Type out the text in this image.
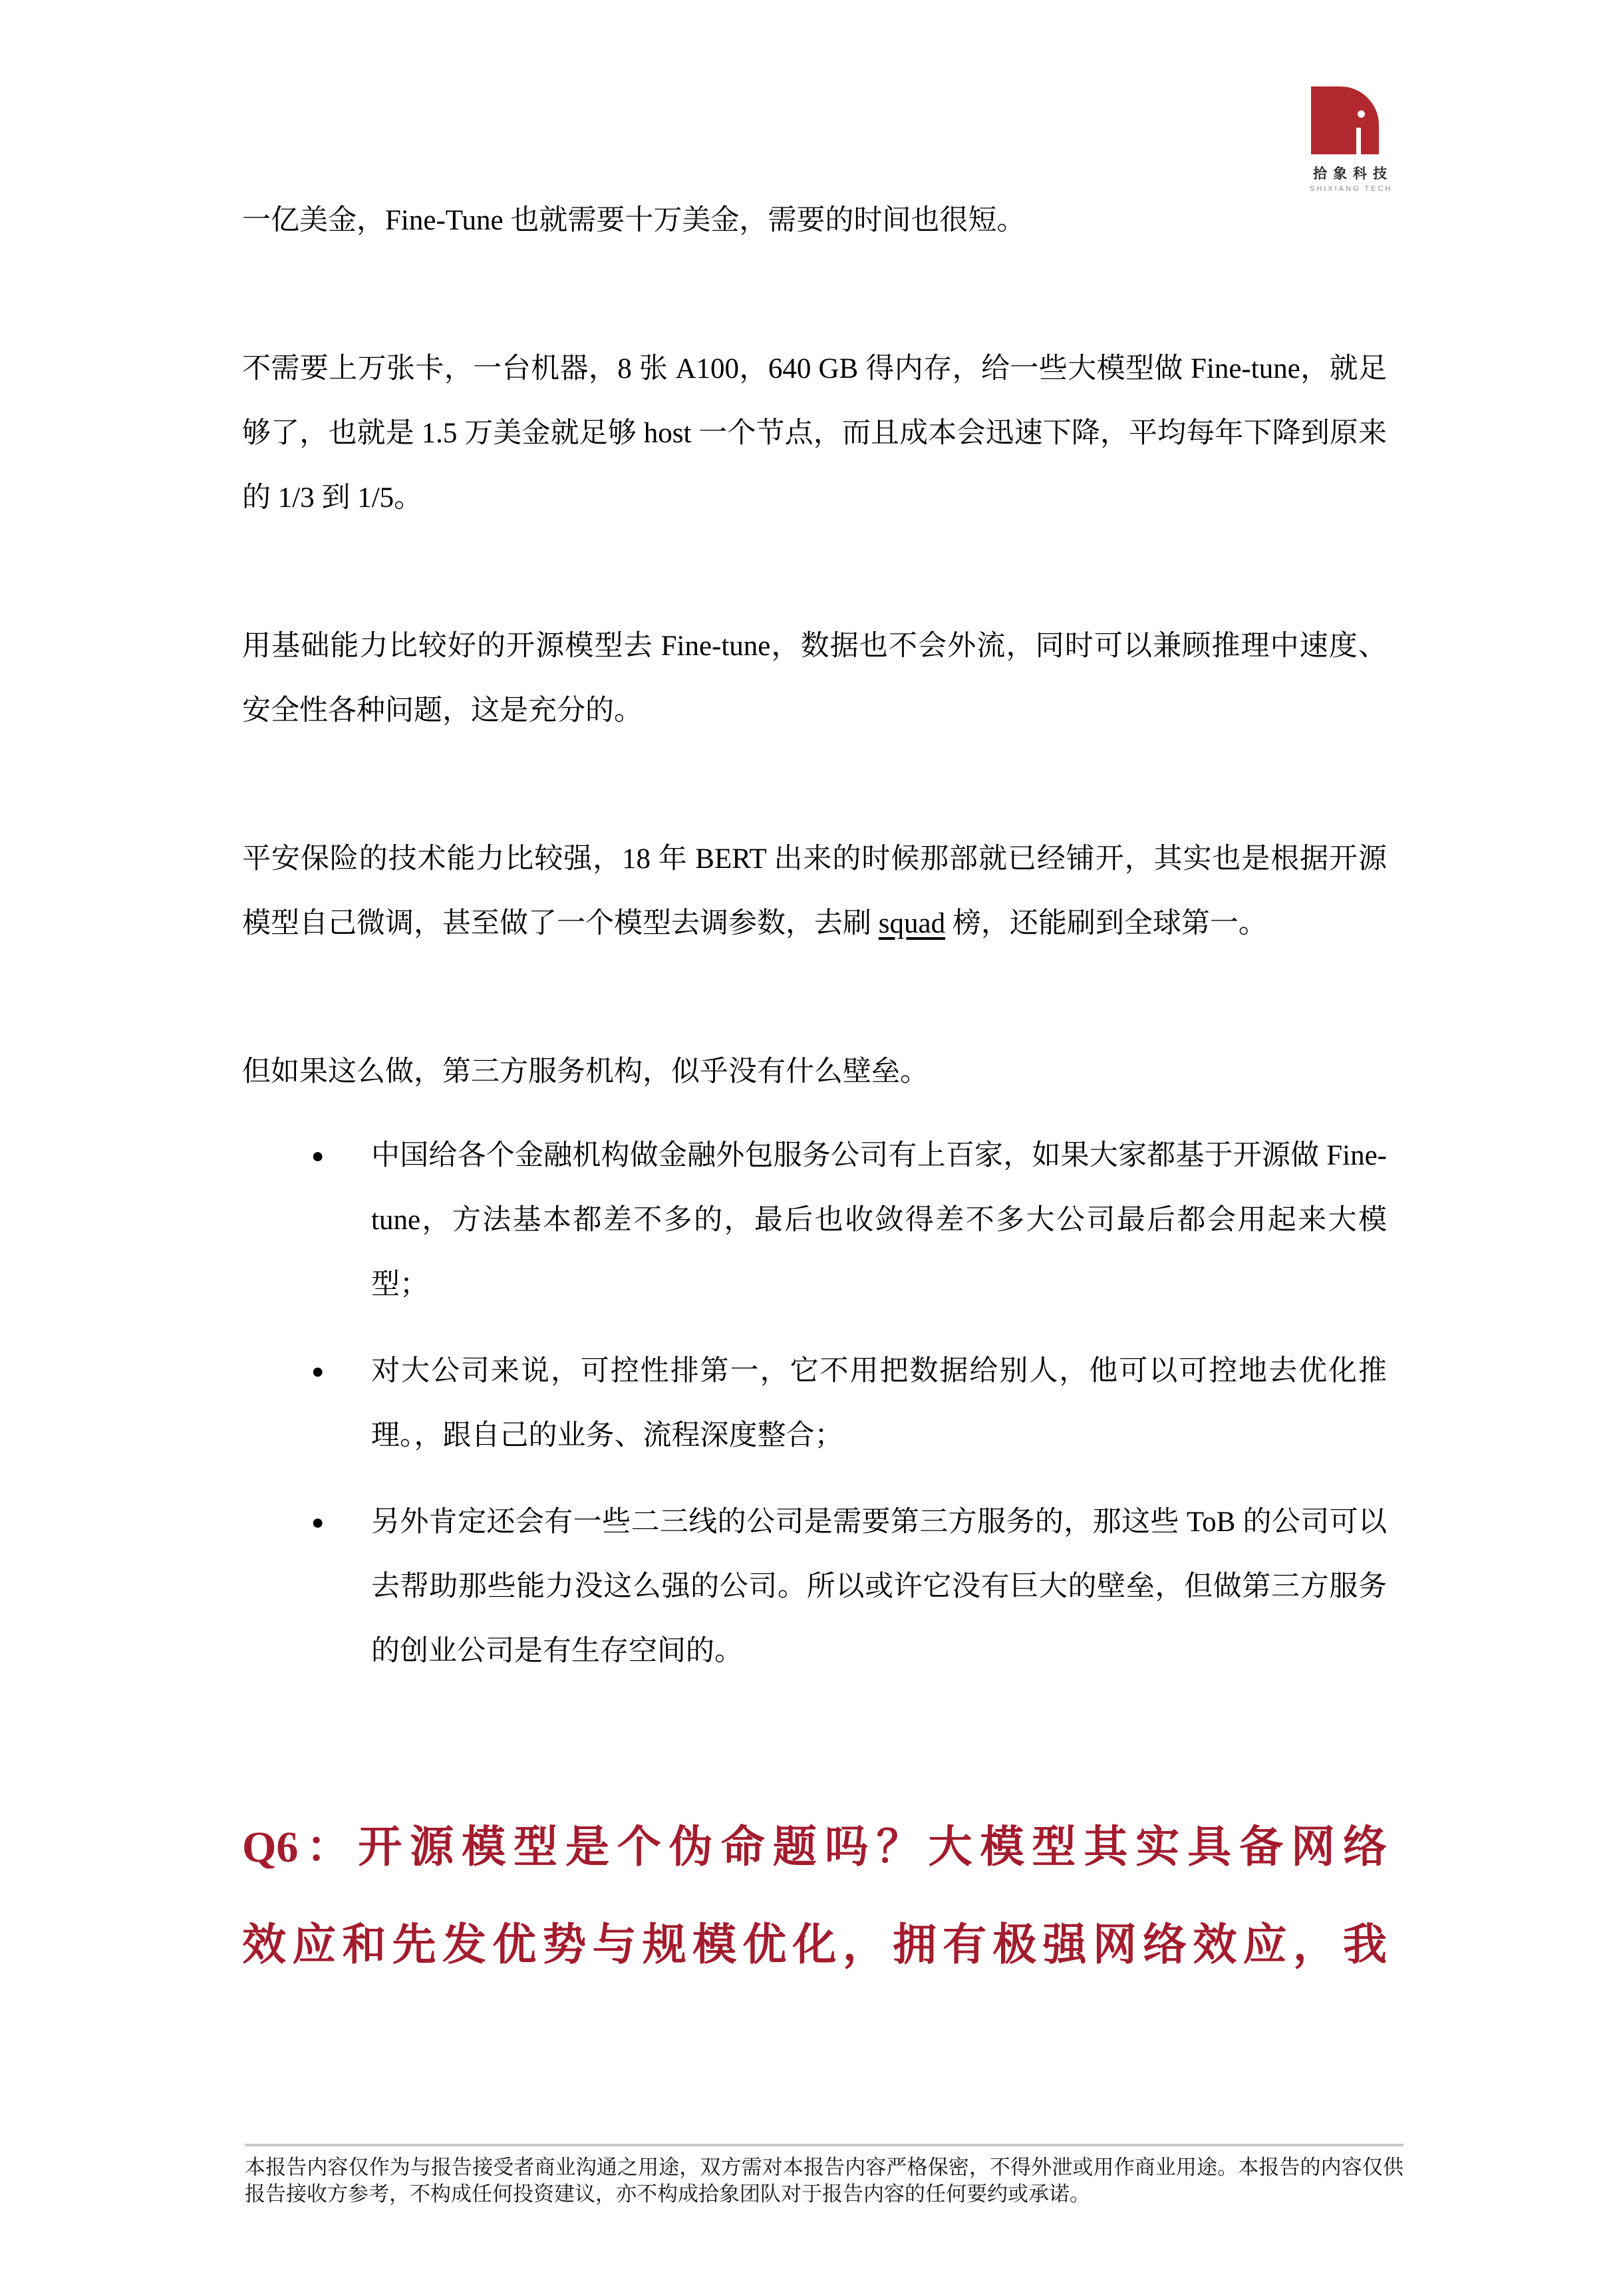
拾象科技
SHIXIANG TECH

一亿美金，Fine-Tune 也就需要十万美金，需要的时间也很短。

不需要上万张卡，一台机器，8 张 A100，640 GB 得内存，给一些大模型做 Fine-tune，就足够了，也就是 1.5 万美金就足够 host 一个节点，而且成本会迅速下降，平均每年下降到原来的 1/3 到 1/5。

用基础能力比较好的开源模型去 Fine-tune，数据也不会外流，同时可以兼顾推理中速度、安全性各种问题，这是充分的。

平安保险的技术能力比较强，18 年 BERT 出来的时候那部就已经铺开，其实也是根据开源模型自己微调，甚至做了一个模型去调参数，去刷 squad 榜，还能刷到全球第一。

但如果这么做，第三方服务机构，似乎没有什么壁垒。

● 中国给各个金融机构做金融外包服务公司有上百家，如果大家都基于开源做 Fine-tune，方法基本都差不多的，最后也收敛得差不多大公司最后都会用起来大模型；
● 对大公司来说，可控性排第一，它不用把数据给别人，他可以可控地去优化推理。，跟自己的业务、流程深度整合；
● 另外肯定还会有一些二三线的公司是需要第三方服务的，那这些 ToB 的公司可以去帮助那些能力没这么强的公司。所以或许它没有巨大的壁垒，但做第三方服务的创业公司是有生存空间的。
Q6：开源模型是个伪命题吗？大模型其实具备网络
效应和先发优势与规模优化，拥有极强网络效应，我

本报告内容仅作为与报告接受者商业沟通之用途，双方需对本报告内容严格保密，不得外泄或用作商业用途。本报告的内容仅供报告接收方参考，不构成任何投资建议，亦不构成拾象团队对于报告内容的任何要约或承诺。
